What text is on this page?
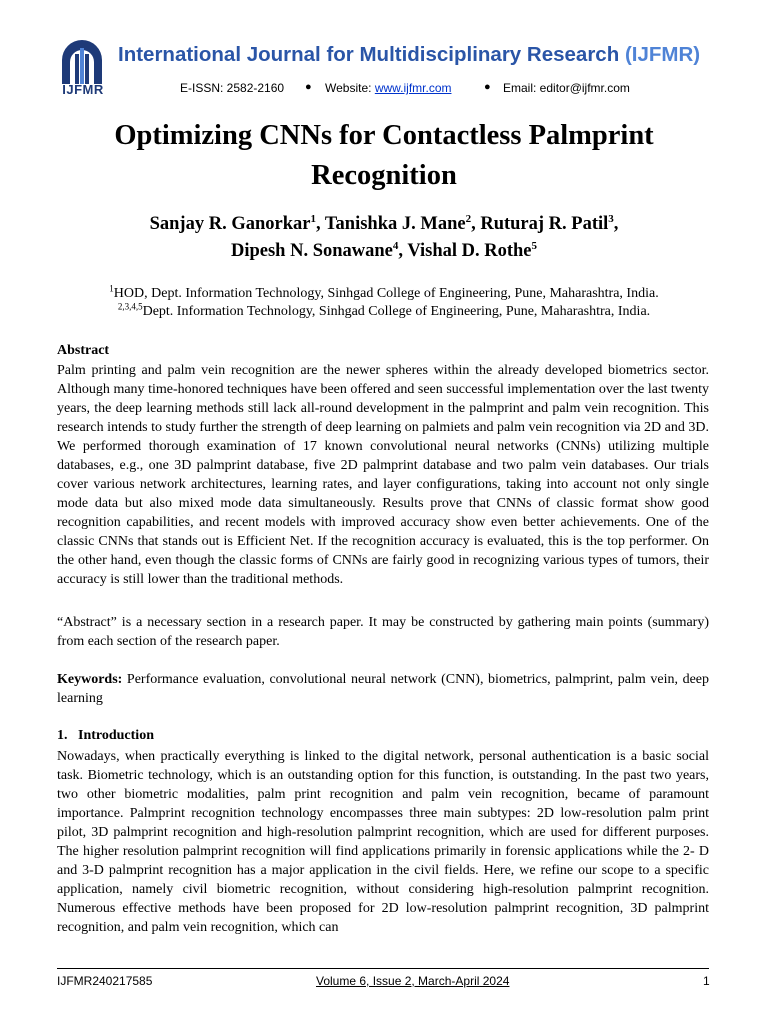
IJFMR
International Journal for Multidisciplinary Research (IJFMR)
E-ISSN: 2582-2160 ● Website: www.ijfmr.com	● Email: editor@ijfmr.com
Optimizing CNNs for Contactless Palmprint
Recognition
Sanjay R. Ganorkar$^1$, Tanishka J. Mane$^2$, Ruturaj R. Patil$^3$,
Dipesh N. Sonawane$^4$, Vishal D. Rothe$^5$
$^1$HOD, Dept. Information Technology, Sinhgad College of Engineering, Pune, Maharashtra, India.
$^{2,3,4,5}$Dept. Information Technology, Sinhgad College of Engineering, Pune, Maharashtra, India.
Abstract
Palm printing and palm vein recognition are the newer spheres within the already developed biometrics sector. Although many time-honored techniques have been offered and seen successful implementation over the last twenty years, the deep learning methods still lack all-round development in the palmprint and palm vein recognition. This research intends to study further the strength of deep learning on palmiets and palm vein recognition via 2D and 3D. We performed thorough examination of 17 known convolutional neural networks (CNNs) utilizing multiple databases, e.g., one 3D palmprint database, five 2D palmprint database and two palm vein databases. Our trials cover various network architectures, learning rates, and layer configurations, taking into account not only single mode data but also mixed mode data simultaneously. Results prove that CNNs of classic format show good recognition capabilities, and recent models with improved accuracy show even better achievements. One of the classic CNNs that stands out is Efficient Net. If the recognition accuracy is evaluated, this is the top performer. On the other hand, even though the classic forms of CNNs are fairly good in recognizing various types of tumors, their accuracy is still lower than the traditional methods.
“Abstract” is a necessary section in a research paper. It may be constructed by gathering main points (summary) from each section of the research paper.
Keywords: Performance evaluation, convolutional neural network (CNN), biometrics, palmprint, palm vein, deep learning
1.   Introduction
Nowadays, when practically everything is linked to the digital network, personal authentication is a basic social task. Biometric technology, which is an outstanding option for this function, is outstanding. In the past two years, two other biometric modalities, palm print recognition and palm vein recognition, became of paramount importance. Palmprint recognition technology encompasses three main subtypes: 2D low-resolution palm print pilot, 3D palmprint recognition and high-resolution palmprint recognition, which are used for different purposes. The higher resolution palmprint recognition will find applications primarily in forensic applications while the 2- D and 3-D palmprint recognition has a major application in the civil fields. Here, we refine our scope to a specific application, namely civil biometric recognition, without considering high-resolution palmprint recognition. Numerous effective methods have been proposed for 2D low-resolution palmprint recognition, 3D palmprint recognition, and palm vein recognition, which can
IJFMR240217585	Volume 6, Issue 2, March-April 2024	1
